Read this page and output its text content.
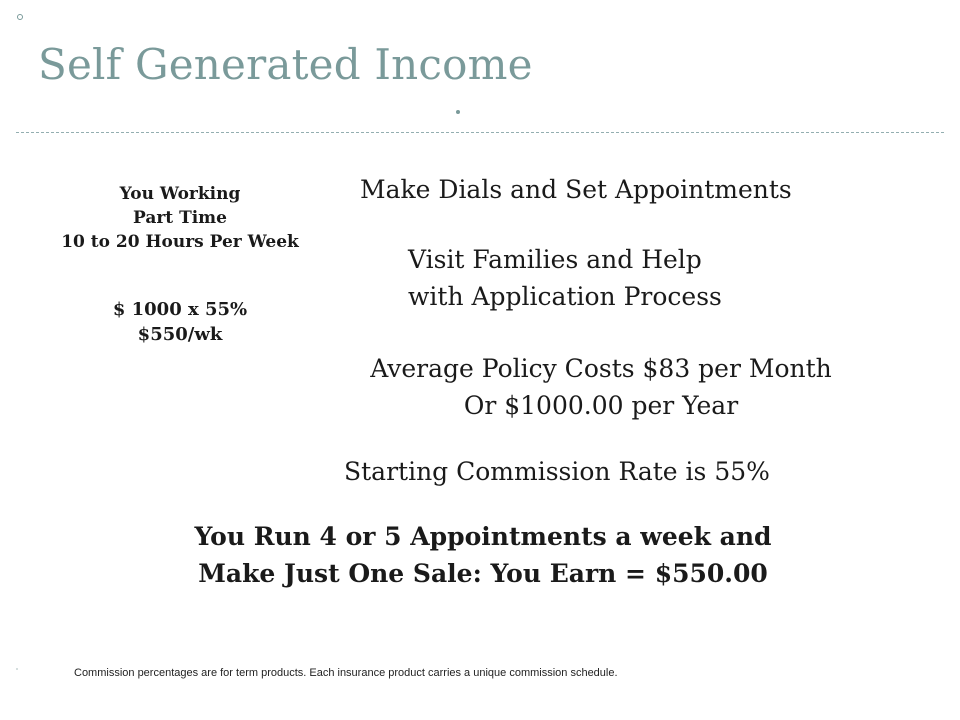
Self Generated Income
You Working
Part Time
10 to 20 Hours Per Week
$ 1000 x 55%
$550/wk
Make Dials and Set Appointments
Visit Families and Help
with Application Process
Average Policy Costs $83 per Month
Or $1000.00 per Year
Starting Commission Rate is 55%
You Run 4 or 5 Appointments a week and
Make Just One Sale: You Earn = $550.00
Commission percentages are for term products. Each insurance product carries a unique commission schedule.
